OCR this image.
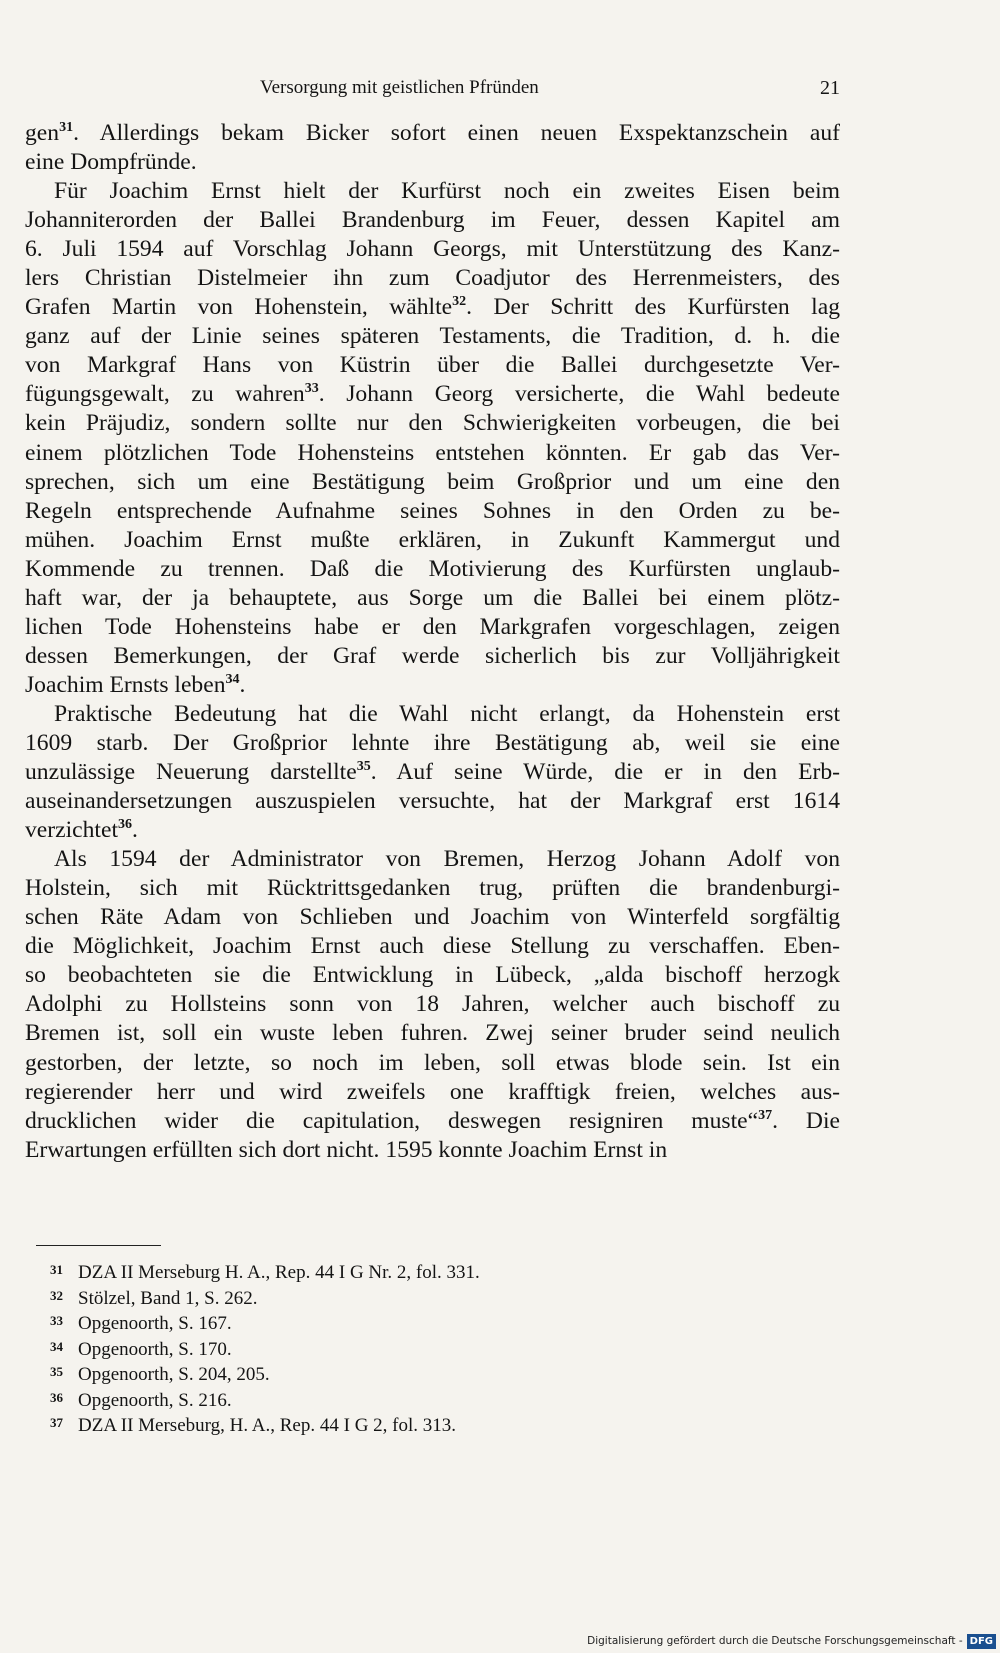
Versorgung mit geistlichen Pfründen	21

gen$^{31}$. Allerdings bekam Bicker sofort einen neuen Exspektanzschein auf
eine Dompfründe.

Für Joachim Ernst hielt der Kurfürst noch ein zweites Eisen beim
Johanniterorden der Ballei Brandenburg im Feuer, dessen Kapitel am
6. Juli 1594 auf Vorschlag Johann Georgs, mit Unterstützung des Kanz-
lers Christian Distelmeier ihn zum Coadjutor des Herrenmeisters, des
Grafen Martin von Hohenstein, wählte$^{32}$. Der Schritt des Kurfürsten lag
ganz auf der Linie seines späteren Testaments, die Tradition, d. h. die
von Markgraf Hans von Küstrin über die Ballei durchgesetzte Ver-
fügungsgewalt, zu wahren$^{33}$. Johann Georg versicherte, die Wahl bedeute
kein Präjudiz, sondern sollte nur den Schwierigkeiten vorbeugen, die bei
einem plötzlichen Tode Hohensteins entstehen könnten. Er gab das Ver-
sprechen, sich um eine Bestätigung beim Großprior und um eine den
Regeln entsprechende Aufnahme seines Sohnes in den Orden zu be-
mühen. Joachim Ernst mußte erklären, in Zukunft Kammergut und
Kommende zu trennen. Daß die Motivierung des Kurfürsten unglaub-
haft war, der ja behauptete, aus Sorge um die Ballei bei einem plötz-
lichen Tode Hohensteins habe er den Markgrafen vorgeschlagen, zeigen
dessen Bemerkungen, der Graf werde sicherlich bis zur Volljährigkeit
Joachim Ernsts leben$^{34}$.

Praktische Bedeutung hat die Wahl nicht erlangt, da Hohenstein erst
1609 starb. Der Großprior lehnte ihre Bestätigung ab, weil sie eine
unzulässige Neuerung darstellte$^{35}$. Auf seine Würde, die er in den Erb-
auseinandersetzungen auszuspielen versuchte, hat der Markgraf erst 1614
verzichtet$^{36}$.

Als 1594 der Administrator von Bremen, Herzog Johann Adolf von
Holstein, sich mit Rücktrittsgedanken trug, prüften die brandenburgi-
schen Räte Adam von Schlieben und Joachim von Winterfeld sorgfältig
die Möglichkeit, Joachim Ernst auch diese Stellung zu verschaffen. Eben-
so beobachteten sie die Entwicklung in Lübeck, „alda bischoff herzogk
Adolphi zu Hollsteins sonn von 18 Jahren, welcher auch bischoff zu
Bremen ist, soll ein wuste leben fuhren. Zwej seiner bruder seind neulich
gestorben, der letzte, so noch im leben, soll etwas blode sein. Ist ein
regierender herr und wird zweifels one krafftigk freien, welches aus-
drucklichen wider die capitulation, deswegen resigniren muste“$^{37}$. Die
Erwartungen erfüllten sich dort nicht. 1595 konnte Joachim Ernst in

31 DZA II Merseburg H. A., Rep. 44 I G Nr. 2, fol. 331.
32 Stölzel, Band 1, S. 262.
33 Opgenoorth, S. 167.
34 Opgenoorth, S. 170.
35 Opgenoorth, S. 204, 205.
36 Opgenoorth, S. 216.
37 DZA II Merseburg, H. A., Rep. 44 I G 2, fol. 313.
Digitalisierung gefördert durch die Deutsche Forschungsgemeinschaft - DFG
